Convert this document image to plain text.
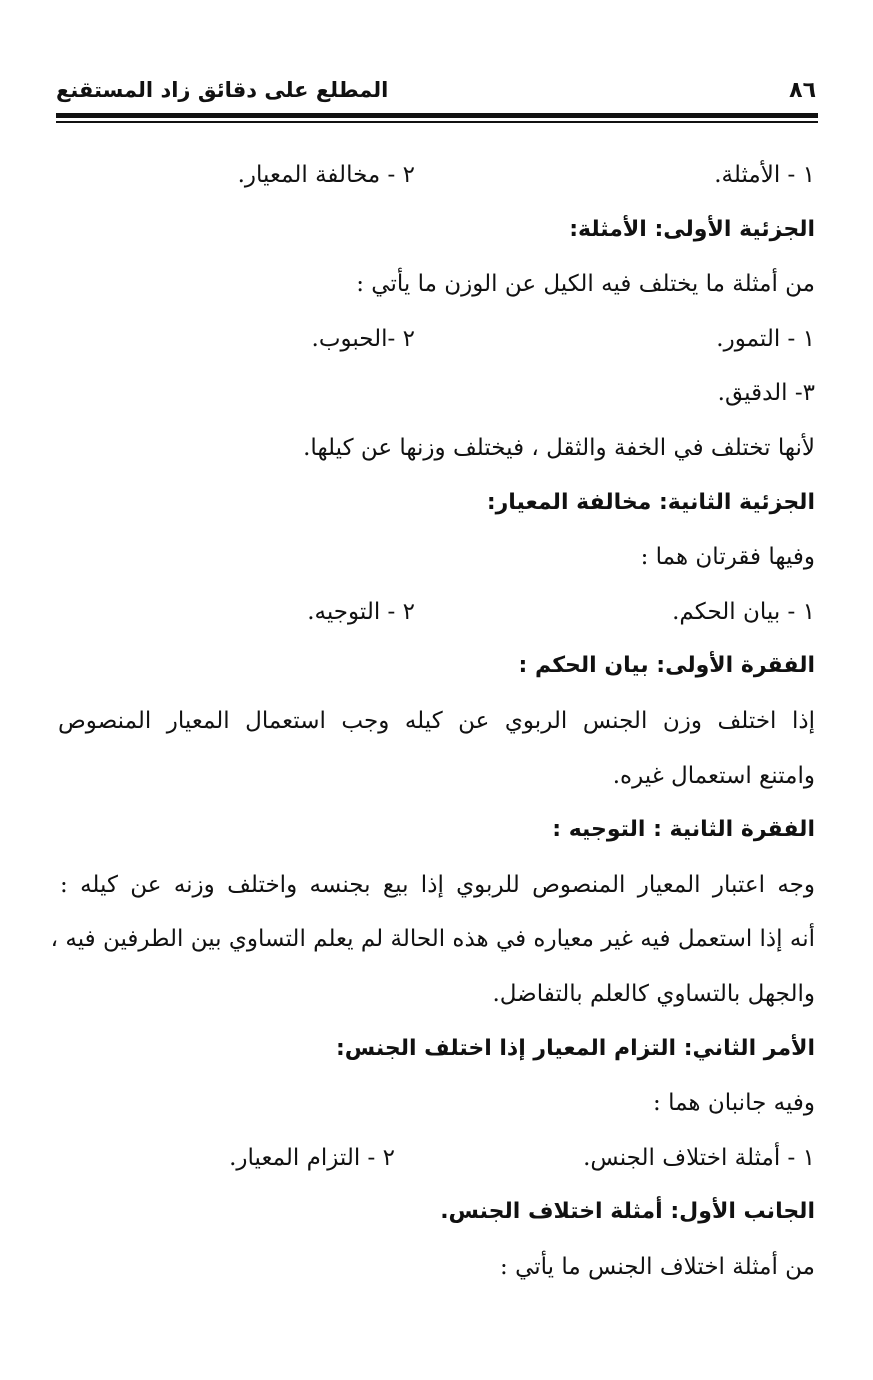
٨٦
المطلع على دقائق زاد المستقنع
١ - الأمثلة.
٢ - مخالفة المعيار.
الجزئية الأولى: الأمثلة:
من أمثلة ما يختلف فيه الكيل عن الوزن ما يأتي :
١ - التمور.
٢ -الحبوب.
٣- الدقيق.
لأنها تختلف في الخفة والثقل ، فيختلف وزنها عن كيلها.
الجزئية الثانية: مخالفة المعيار:
وفيها فقرتان هما :
١ - بيان الحكم.
٢ - التوجيه.
الفقرة الأولى: بيان الحكم :
إذا اختلف وزن الجنس الربوي عن كيله وجب استعمال المعيار المنصوص
وامتنع استعمال غيره.
الفقرة الثانية : التوجيه :
وجه اعتبار المعيار المنصوص للربوي إذا بيع بجنسه واختلف وزنه عن كيله :
أنه إذا استعمل فيه غير معياره في هذه الحالة لم يعلم التساوي بين الطرفين فيه ،
والجهل بالتساوي كالعلم بالتفاضل.
الأمر الثاني: التزام المعيار إذا اختلف الجنس:
وفيه جانبان هما :
١ - أمثلة اختلاف الجنس.
٢ - التزام المعيار.
الجانب الأول: أمثلة اختلاف الجنس.
من أمثلة اختلاف الجنس ما يأتي :
